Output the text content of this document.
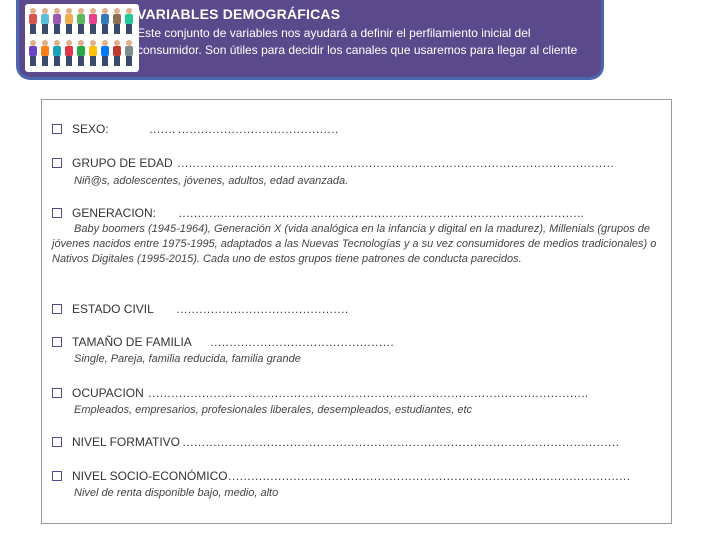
VARIABLES DEMOGRÁFICAS
Este conjunto de variables nos ayudará a definir el perfilamiento inicial del consumidor. Son útiles para decidir los canales que usaremos para llegar al cliente
SEXO:	……. ……………………………………
GRUPO DE EDAD ……………………………………………………………………………………………………
Niñ@s, adolescentes, jóvenes, adultos, edad avanzada.
GENERACION: …………………………………………………………………………………………….
Baby boomers (1945-1964), Generación X (vida analógica en la infancia y digital en la madurez), Millenials (grupos de jóvenes nacidos entre 1975-1995, adaptados a las Nuevas Tecnologías y a su vez consumidores de medios tradicionales) o Nativos Digitales (1995-2015). Cada uno de estos grupos tiene patrones de conducta parecidos.
ESTADO CIVIL ………………………………………
TAMAÑO DE FAMILIA …………………………………………
Single, Pareja, familia reducida, familia grande
OCUPACION …………………………………………………………………………………………………….
Empleados, empresarios, profesionales liberales, desempleados, estudiantes, etc
NIVEL FORMATIVO ……………………………………………………………………………………………………
NIVEL SOCIO-ECONÓMICO……………………………………………………………………………………………
Nivel de renta disponible bajo, medio, alto
